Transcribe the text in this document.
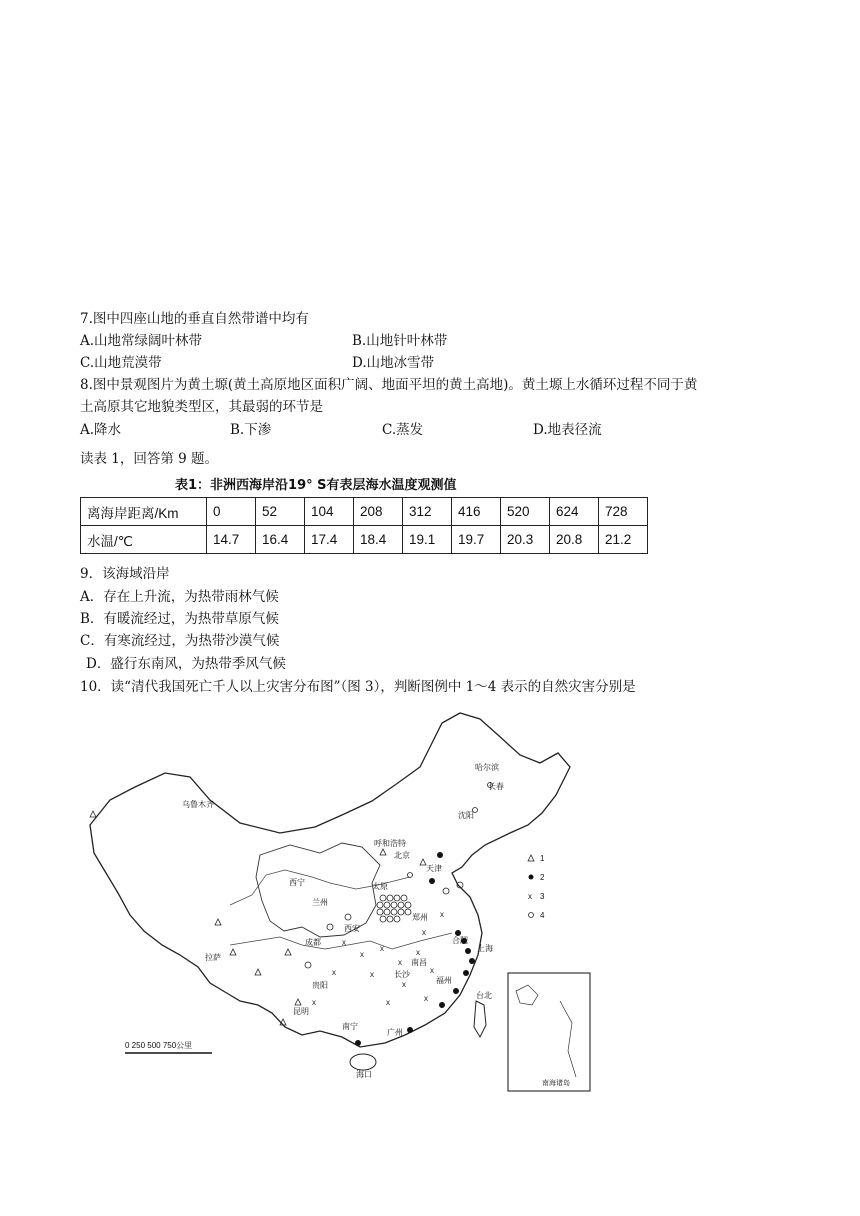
7.图中四座山地的垂直自然带谱中均有
A.山地常绿阔叶林带	B.山地针叶林带
C.山地荒漠带	D.山地冰雪带
8.图中景观图片为黄土塬(黄土高原地区面积广阔、地面平坦的黄土高地)。黄土塬上水循环过程不同于黄
土高原其它地貌类型区，其最弱的环节是
A.降水	B.下渗	C.蒸发	D.地表径流
读表 1，回答第 9 题。
表1：非洲西海岸沿19° S有表层海水温度观测值
离海岸距离/Km	0	52	104	208	312	416	520	624	728
水温/℃	14.7	16.4	17.4	18.4	19.1	19.7	20.3	20.8	21.2
9．该海域沿岸
A．存在上升流，为热带雨林气候
B．有暖流经过，为热带草原气候
C．有寒流经过，为热带沙漠气候
D．盛行东南风，为热带季风气候
10．读“清代我国死亡千人以上灾害分布图”（图 3），判断图例中 1～4 表示的自然灾害分别是
x
x
x
x
x
x
x
x	x
x
x
x
x
x
哈尔滨
长春
乌鲁木齐
沈阳
呼和浩特
北京
天津
西宁	太原
兰州
郑州
西安
成都	合肥
上海
拉萨
南昌
长沙
福州
贵阳
昆明
台北
南宁
广州
海口
1
2
x 3
4
0 250 500 750公里
南海诸岛
